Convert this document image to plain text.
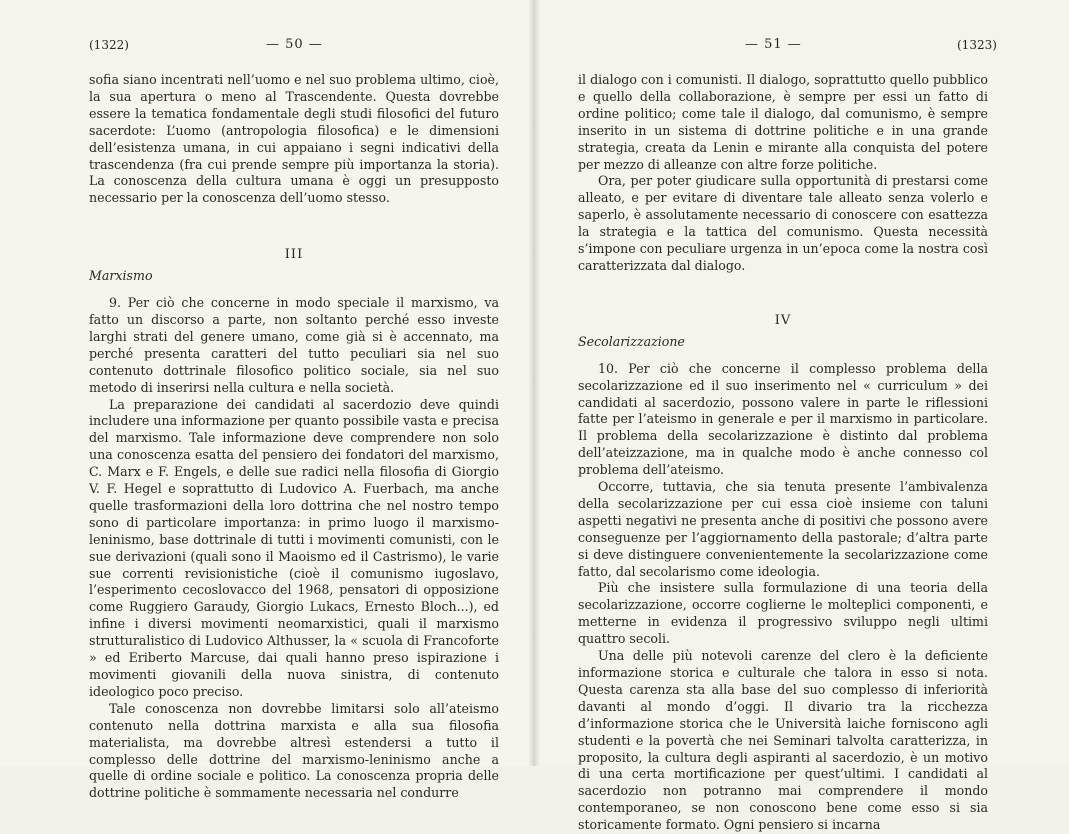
(1322)	— 50 —

sofia siano incentrati nell’uomo e nel suo problema ultimo, cioè, la sua apertura o meno al Trascendente. Questa dovrebbe essere la tematica fondamentale degli studi filosofici del futuro sacerdote: L’uomo (antropologia filosofica) e le dimensioni dell’esistenza umana, in cui appaiano i segni indicativi della trascendenza (fra cui prende sempre più importanza la storia). La conoscenza della cultura umana è oggi un presupposto necessario per la conoscenza dell’uomo stesso.

III
Marxismo

9. Per ciò che concerne in modo speciale il marxismo, va fatto un discorso a parte, non soltanto perché esso investe larghi strati del genere umano, come già si è accennato, ma perché presenta caratteri del tutto peculiari sia nel suo contenuto dottrinale filosofico politico sociale, sia nel suo metodo di inserirsi nella cultura e nella società.

La preparazione dei candidati al sacerdozio deve quindi includere una informazione per quanto possibile vasta e precisa del marxismo. Tale informazione deve comprendere non solo una conoscenza esatta del pensiero dei fondatori del marxismo, C. Marx e F. Engels, e delle sue radici nella filosofia di Giorgio V. F. Hegel e soprattutto di Ludovico A. Fuerbach, ma anche quelle trasformazioni della loro dottrina che nel nostro tempo sono di particolare importanza: in primo luogo il marxismo-leninismo, base dottrinale di tutti i movimenti comunisti, con le sue derivazioni (quali sono il Maoismo ed il Castrismo), le varie sue correnti revisionistiche (cioè il comunismo iugoslavo, l’esperimento cecoslovacco del 1968, pensatori di opposizione come Ruggiero Garaudy, Giorgio Lukacs, Ernesto Bloch...), ed infine i diversi movimenti neomarxistici, quali il marxismo strutturalistico di Ludovico Althusser, la « scuola di Francoforte » ed Eriberto Marcuse, dai quali hanno preso ispirazione i movimenti giovanili della nuova sinistra, di contenuto ideologico poco preciso.

Tale conoscenza non dovrebbe limitarsi solo all’ateismo contenuto nella dottrina marxista e alla sua filosofia materialista, ma dovrebbe altresì estendersi a tutto il complesso delle dottrine del marxismo-leninismo anche a quelle di ordine sociale e politico. La conoscenza propria delle dottrine politiche è sommamente necessaria nel condurre

— 51 —	(1323)

il dialogo con i comunisti. Il dialogo, soprattutto quello pubblico e quello della collaborazione, è sempre per essi un fatto di ordine politico; come tale il dialogo, dal comunismo, è sempre inserito in un sistema di dottrine politiche e in una grande strategia, creata da Lenin e mirante alla conquista del potere per mezzo di alleanze con altre forze politiche.

Ora, per poter giudicare sulla opportunità di prestarsi come alleato, e per evitare di diventare tale alleato senza volerlo e saperlo, è assolutamente necessario di conoscere con esattezza la strategia e la tattica del comunismo. Questa necessità s’impone con peculiare urgenza in un’epoca come la nostra così caratterizzata dal dialogo.

IV
Secolarizzazione

10. Per ciò che concerne il complesso problema della secolarizzazione ed il suo inserimento nel « curriculum » dei candidati al sacerdozio, possono valere in parte le riflessioni fatte per l’ateismo in generale e per il marxismo in particolare. Il problema della secolarizzazione è distinto dal problema dell’ateizzazione, ma in qualche modo è anche connesso col problema dell’ateismo.

Occorre, tuttavia, che sia tenuta presente l’ambivalenza della secolarizzazione per cui essa cioè insieme con taluni aspetti negativi ne presenta anche di positivi che possono avere conseguenze per l’aggiornamento della pastorale; d’altra parte si deve distinguere convenientemente la secolarizzazione come fatto, dal secolarismo come ideologia.

Più che insistere sulla formulazione di una teoria della secolarizzazione, occorre coglierne le molteplici componenti, e metterne in evidenza il progressivo sviluppo negli ultimi quattro secoli.

Una delle più notevoli carenze del clero è la deficiente informazione storica e culturale che talora in esso si nota. Questa carenza sta alla base del suo complesso di inferiorità davanti al mondo d’oggi. Il divario tra la ricchezza d’informazione storica che le Università laiche forniscono agli studenti e la povertà che nei Seminari talvolta caratterizza, in proposito, la cultura degli aspiranti al sacerdozio, è un motivo di una certa mortificazione per quest’ultimi. I candidati al sacerdozio non potranno mai comprendere il mondo contemporaneo, se non conoscono bene come esso si sia storicamente formato. Ogni pensiero si incarna
